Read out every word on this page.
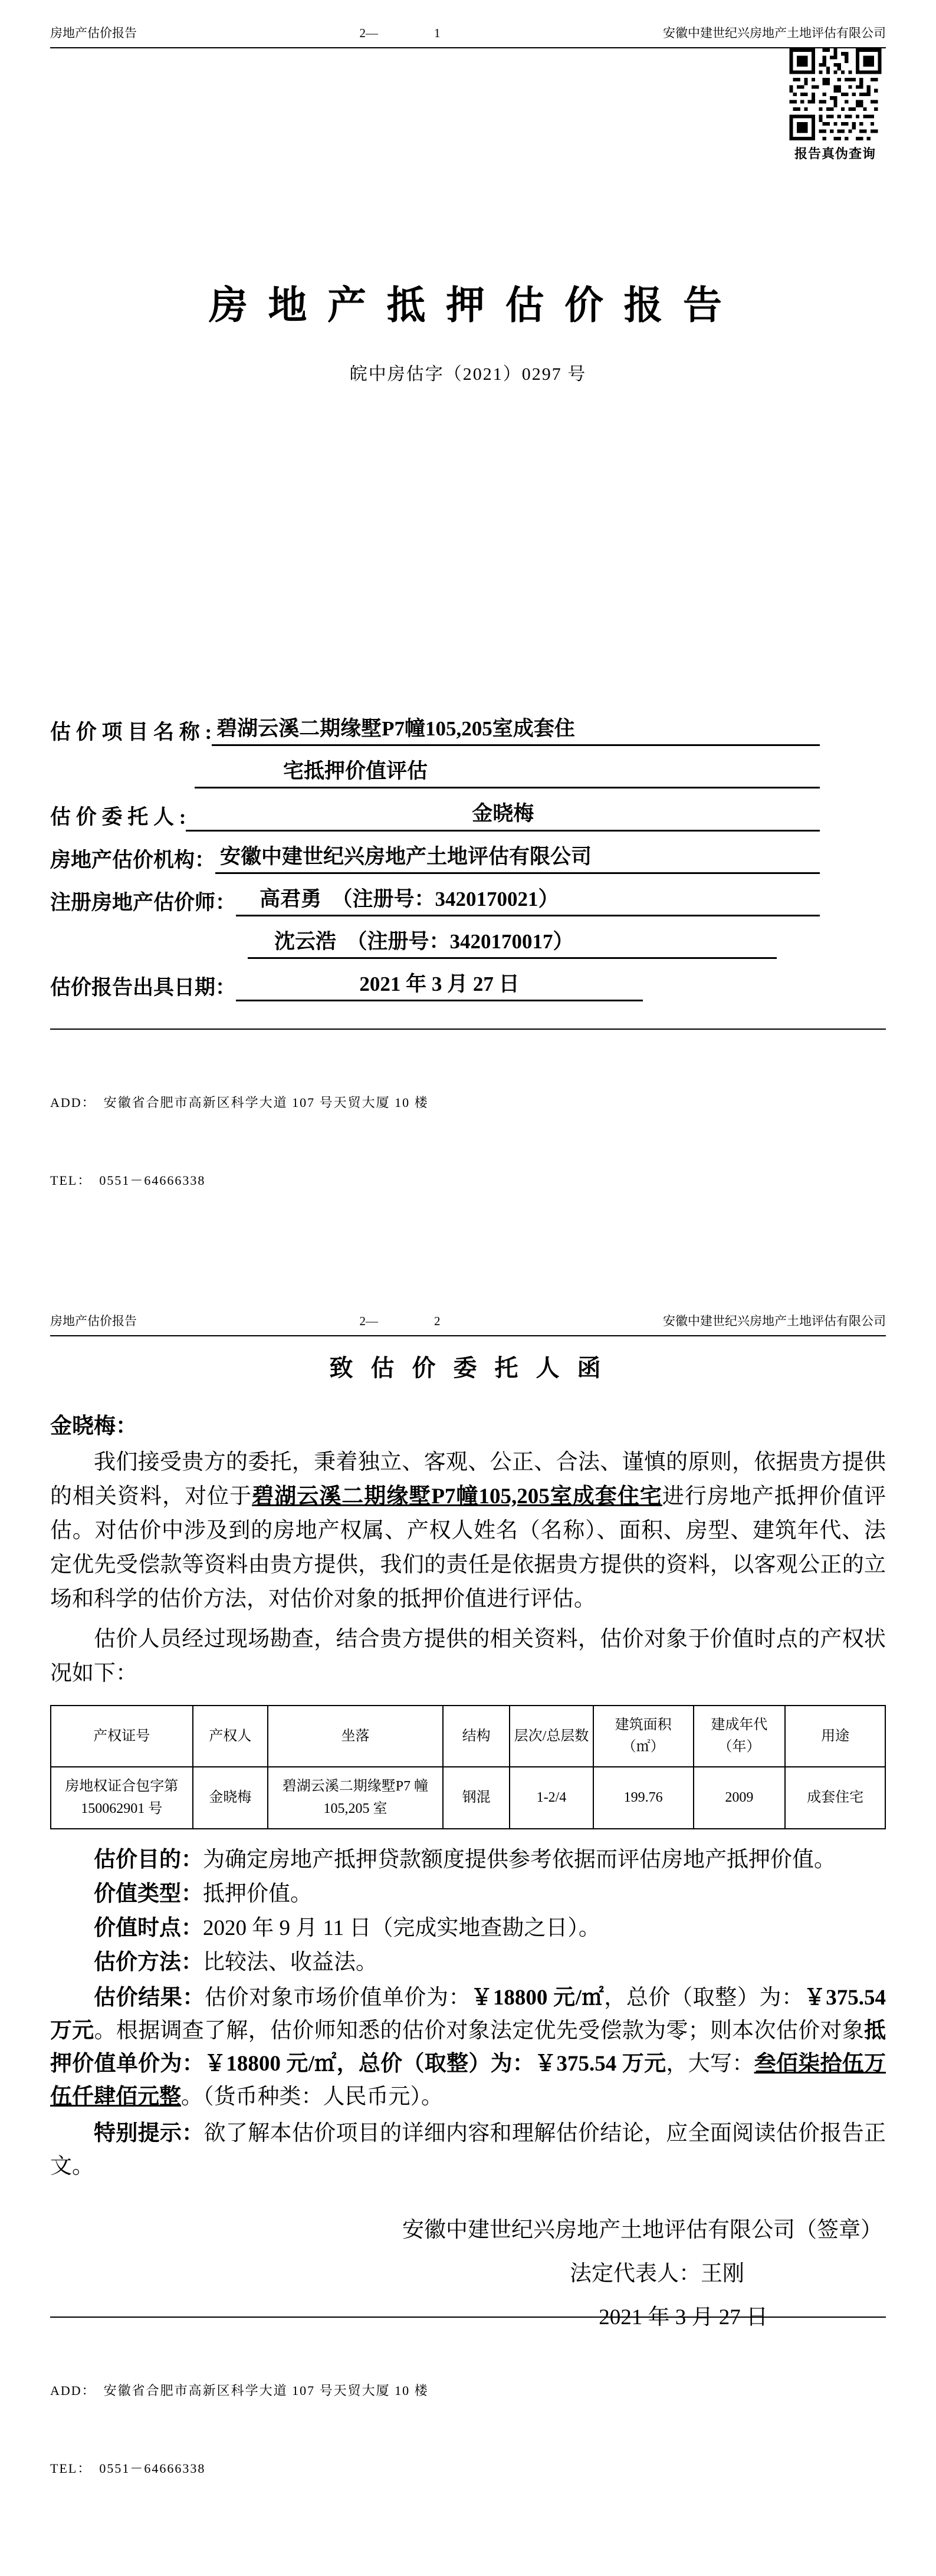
房地产估价报告	2—	1	安徽中建世纪兴房地产土地评估有限公司
报告真伪查询
房 地 产 抵 押 估 价 报 告
皖中房估字（2021）0297 号
估 价 项 目 名 称 : 碧湖云溪二期缘墅P7幢105,205室成套住
宅抵押价值评估
估 价 委 托 人 :	金晓梅
房地产估价机构： 安徽中建世纪兴房地产土地评估有限公司
注册房地产估价师：	高君勇　（注册号：3420170021）
沈云浩　（注册号：3420170017）
估价报告出具日期：	2021 年 3 月 27 日

ADD：　安徽省合肥市高新区科学大道 107 号天贸大厦 10 楼

TEL：　0551－64666338

房地产估价报告	2—	2	安徽中建世纪兴房地产土地评估有限公司
致 估 价 委 托 人 函
金晓梅：

我们接受贵方的委托，秉着独立、客观、公正、合法、谨慎的原则，依据贵方提供的相关资料，对位于碧湖云溪二期缘墅P7幢105,205室成套住宅进行房地产抵押价值评估。对估价中涉及到的房地产权属、产权人姓名（名称）、面积、房型、建筑年代、法定优先受偿款等资料由贵方提供，我们的责任是依据贵方提供的资料，以客观公正的立场和科学的估价方法，对估价对象的抵押价值进行评估。

估价人员经过现场勘查，结合贵方提供的相关资料，估价对象于价值时点的产权状况如下：

产权证号	产权人	坐落	结构	层次/总层数	建筑面积（㎡）	建成年代（年）	用途
房地权证合包字第150062901 号	金晓梅	碧湖云溪二期缘墅P7 幢 105,205 室	钢混	1-2/4	199.76	2009	成套住宅

估价目的：为确定房地产抵押贷款额度提供参考依据而评估房地产抵押价值。

价值类型：抵押价值。

价值时点：2020 年 9 月 11 日（完成实地查勘之日）。

估价方法：比较法、收益法。

估价结果：估价对象市场价值单价为：￥18800 元/㎡，总价（取整）为：￥375.54万元。根据调查了解，估价师知悉的估价对象法定优先受偿款为零；则本次估价对象抵押价值单价为：￥18800 元/㎡，总价（取整）为：￥375.54 万元，大写：叁佰柒拾伍万伍仟肆佰元整。（货币种类：人民币元）。

特别提示：欲了解本估价项目的详细内容和理解估价结论，应全面阅读估价报告正文。

安徽中建世纪兴房地产土地评估有限公司（签章）
法定代表人：王刚
2021 年 3 月 27 日

ADD：　安徽省合肥市高新区科学大道 107 号天贸大厦 10 楼

TEL：　0551－64666338
